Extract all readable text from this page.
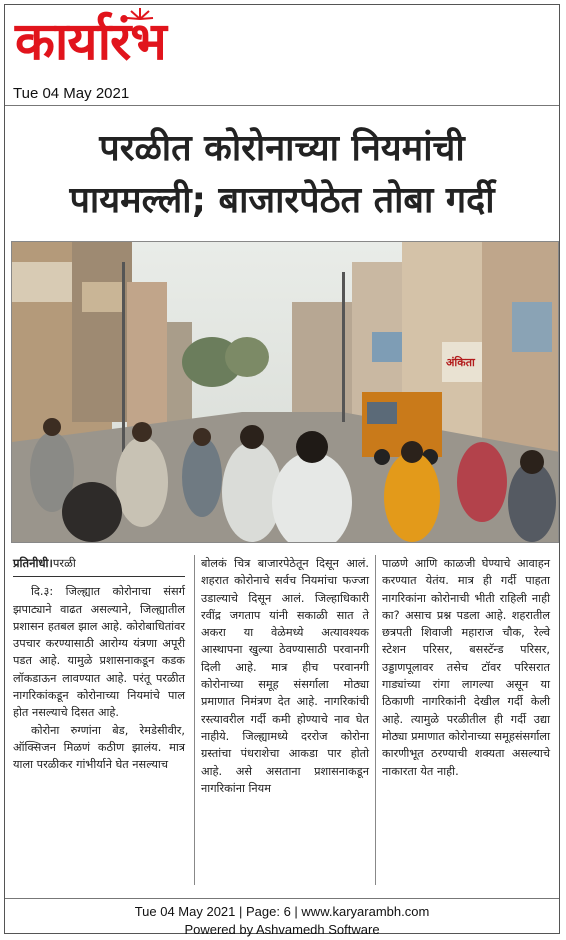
कार्यारंभ
Tue 04 May 2021
परळीत कोरोनाच्या नियमांची
पायमल्ली; बाजारपेठेत तोबा गर्दी
अंकिता
प्रतिनीधी।परळी

दि.३: जिल्ह्यात कोरोनाचा संसर्ग झपाट्याने वाढत असल्याने, जिल्ह्यातील प्रशासन हतबल झाल आहे. कोरोबाधितांवर उपचार करण्यासाठी आरोग्य यंत्रणा अपूरी पडत आहे. यामुळे प्रशासनाकडून कडक लॉकडाऊन लावण्यात आहे. परंतू परळीत नागरिकांकडून कोरोनाच्या नियमांचे पाल होत नसल्याचे दिसत आहे.

कोरोना रुग्णांना बेड, रेमडेसीवीर, ऑक्सिजन मिळणं कठीण झालंय. मात्र याला परळीकर गांभीर्याने घेत नसल्याच

बोलकं चित्र बाजारपेठेतून दिसून आलं. शहरात कोरोनाचे सर्वच नियमांचा फज्जा उडाल्याचे दिसून आलं. जिल्हाधिकारी रवींद्र जगताप यांनी सकाळी सात ते अकरा या वेळेमध्ये अत्यावश्यक आस्थापना खुल्या ठेवण्यासाठी परवानगी दिली आहे. मात्र हीच परवानगी कोरोनाच्या समूह संसर्गाला मोठ्या प्रमाणात निमंत्रण देत आहे. नागरिकांची रस्त्यावरील गर्दी कमी होण्याचे नाव घेत नाहीये. जिल्ह्यामध्ये दररोज कोरोना ग्रस्तांचा पंधराशेचा आकडा पार होतो आहे. असे असताना प्रशासनाकडून नागरिकांना नियम

पाळणे आणि काळजी घेण्याचे आवाहन करण्यात येतंय. मात्र ही गर्दी पाहता नागरिकांना कोरोनाची भीती राहिली नाही का? असाच प्रश्न पडला आहे. शहरातील छत्रपती शिवाजी महाराज चौक, रेल्वे स्टेशन परिसर, बसस्टॅन्ड परिसर, उड्डाणपूलावर तसेच टॉवर परिसरात गाड्यांच्या रांगा लागल्या असून या ठिकाणी नागरिकांनी देखील गर्दी केली आहे. त्यामुळे परळीतील ही गर्दी उद्या मोठ्या प्रमाणात कोरोनाच्या समूहसंसर्गाला कारणीभूत ठरण्याची शक्यता असल्याचे नाकारता येत नाही.

Tue 04 May 2021 | Page: 6 | www.karyarambh.com
Powered by Ashvamedh Software
